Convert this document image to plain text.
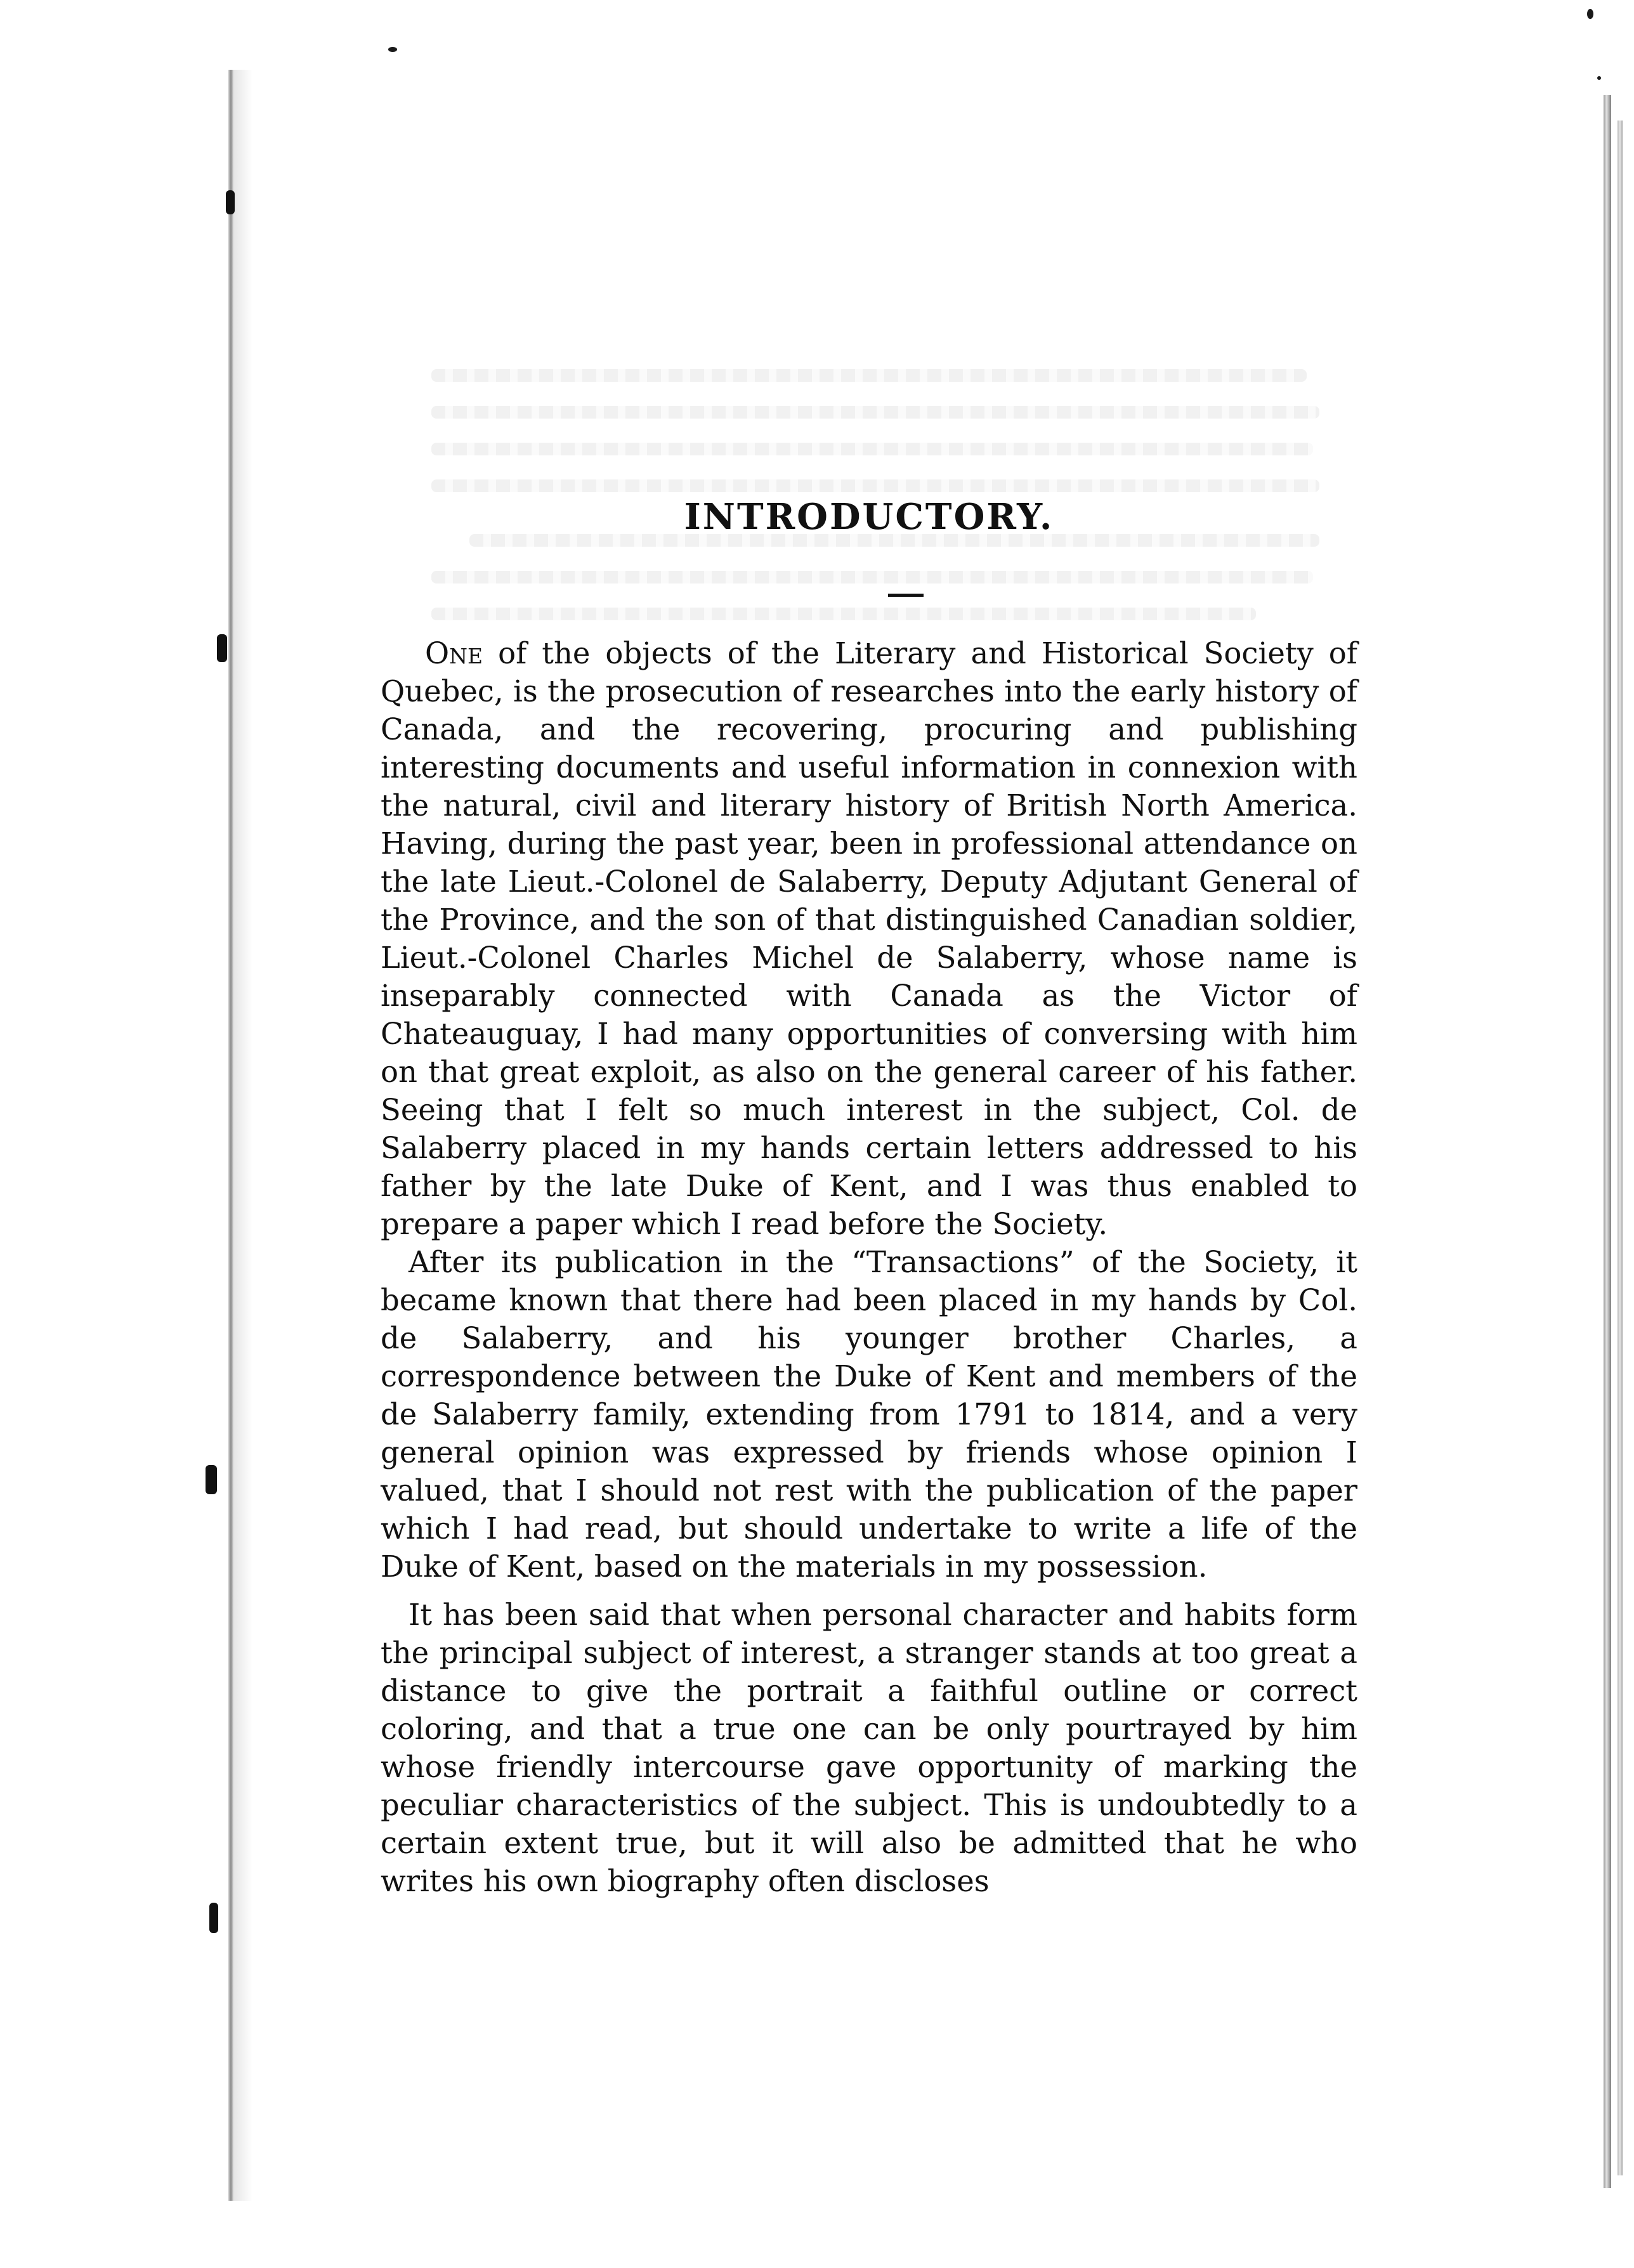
INTRODUCTORY.

One of the objects of the Literary and Historical Society of Quebec, is the prosecution of researches into the early history of Canada, and the recovering, procuring and publishing interesting documents and useful information in connexion with the natural, civil and literary history of British North America. Having, during the past year, been in professional attendance on the late Lieut.-Colonel de Salaberry, Deputy Adjutant General of the Province, and the son of that distinguished Canadian soldier, Lieut.-Colonel Charles Michel de Salaberry, whose name is inseparably connected with Canada as the Victor of Chateauguay, I had many opportunities of conversing with him on that great exploit, as also on the general career of his father. Seeing that I felt so much interest in the subject, Col. de Salaberry placed in my hands certain letters addressed to his father by the late Duke of Kent, and I was thus enabled to prepare a paper which I read before the Society.

After its publication in the “Transactions” of the Society, it became known that there had been placed in my hands by Col. de Salaberry, and his younger brother Charles, a correspondence between the Duke of Kent and members of the de Salaberry family, extending from 1791 to 1814, and a very general opinion was expressed by friends whose opinion I valued, that I should not rest with the publication of the paper which I had read, but should undertake to write a life of the Duke of Kent, based on the materials in my possession.

It has been said that when personal character and habits form the principal subject of interest, a stranger stands at too great a distance to give the portrait a faithful outline or correct coloring, and that a true one can be only pourtrayed by him whose friendly intercourse gave opportunity of marking the peculiar characteristics of the subject. This is undoubtedly to a certain extent true, but it will also be admitted that he who writes his own biography often discloses
